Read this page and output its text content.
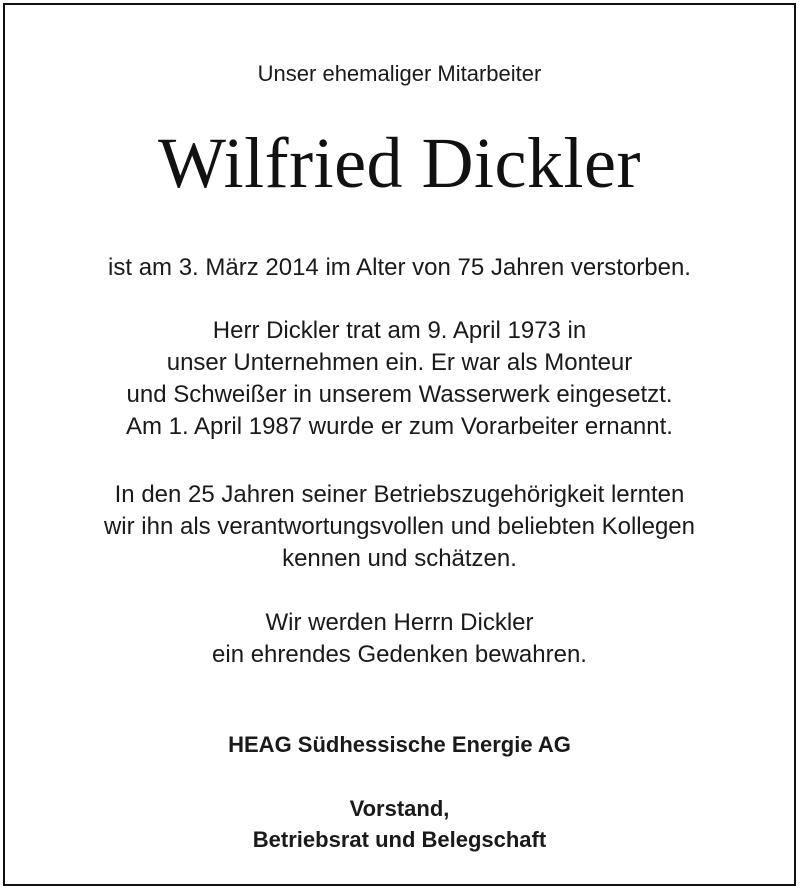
Unser ehemaliger Mitarbeiter
Wilfried Dickler
ist am 3. März 2014 im Alter von 75 Jahren verstorben.
Herr Dickler trat am 9. April 1973 in
unser Unternehmen ein. Er war als Monteur
und Schweißer in unserem Wasserwerk eingesetzt.
Am 1. April 1987 wurde er zum Vorarbeiter ernannt.
In den 25 Jahren seiner Betriebszugehörigkeit lernten
wir ihn als verantwortungsvollen und beliebten Kollegen
kennen und schätzen.
Wir werden Herrn Dickler
ein ehrendes Gedenken bewahren.
HEAG Südhessische Energie AG
Vorstand,
Betriebsrat und Belegschaft
